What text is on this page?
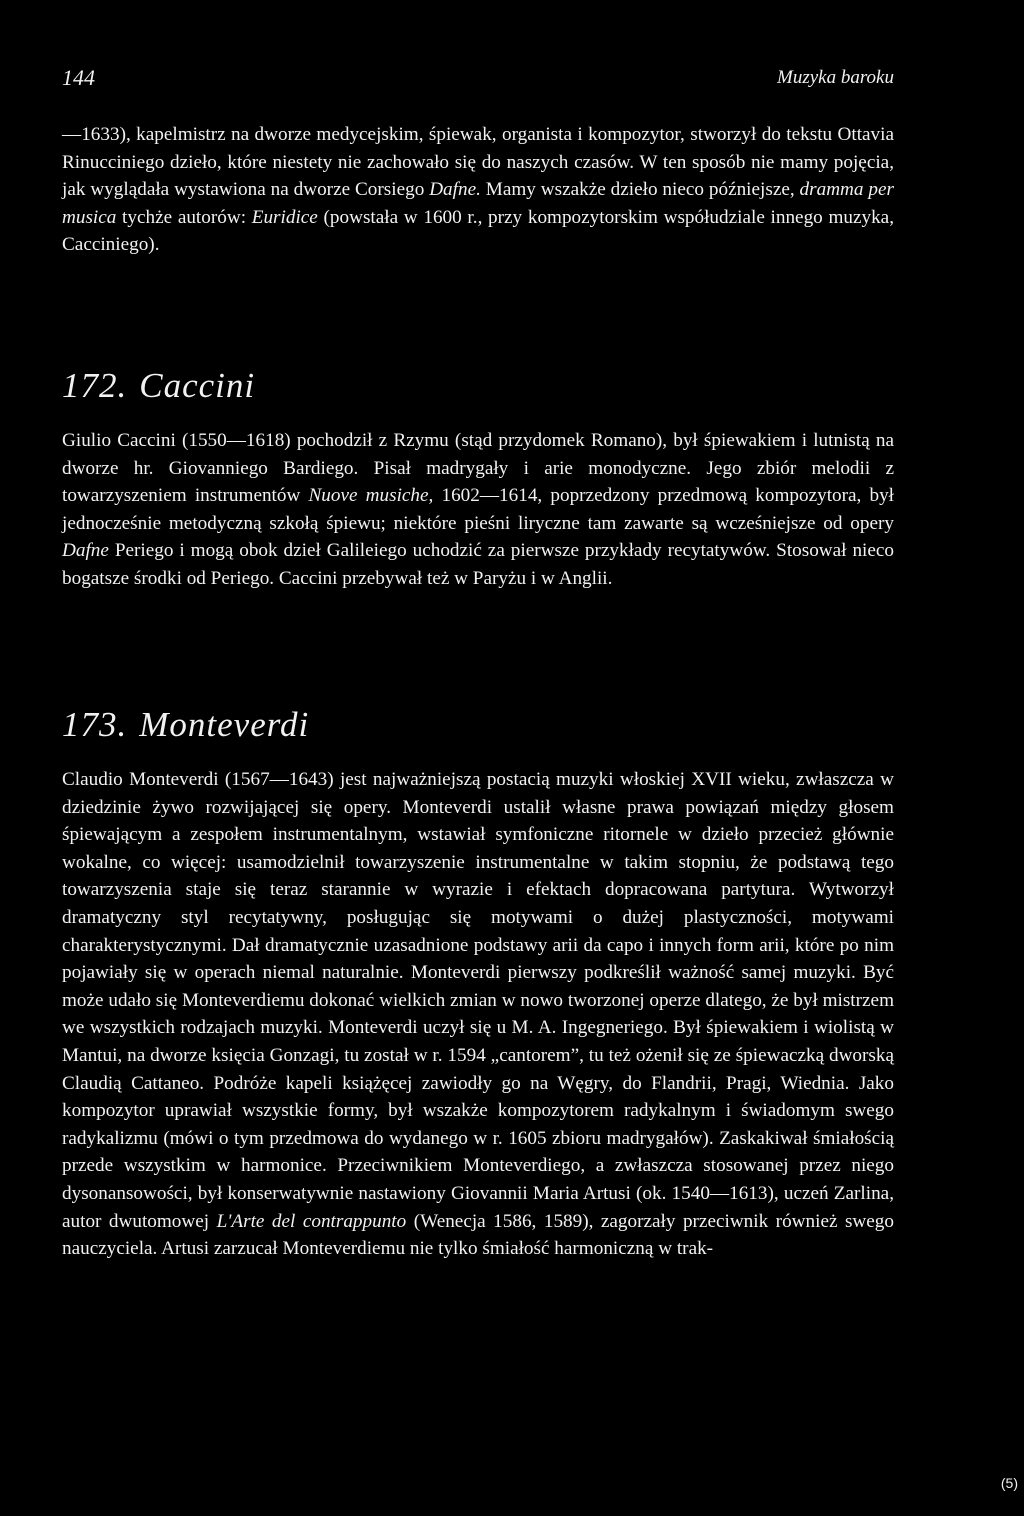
144	Muzyka baroku

—1633), kapelmistrz na dworze medycejskim, śpiewak, organista i kompozytor, stworzył do tekstu Ottavia Rinucciniego dzieło, które niestety nie zachowało się do naszych czasów. W ten sposób nie mamy pojęcia, jak wyglądała wystawiona na dworze Corsiego Dafne. Mamy wszakże dzieło nieco późniejsze, dramma per musica tychże autorów: Euridice (powstała w 1600 r., przy kompozytorskim współudziale innego muzyka, Cacciniego).

172. Caccini

Giulio Caccini (1550—1618) pochodził z Rzymu (stąd przydomek Romano), był śpiewakiem i lutnistą na dworze hr. Giovanniego Bardiego. Pisał madrygały i arie monodyczne. Jego zbiór melodii z towarzyszeniem instrumentów Nuove musiche, 1602—1614, poprzedzony przedmową kompozytora, był jednocześnie metodyczną szkołą śpiewu; niektóre pieśni liryczne tam zawarte są wcześniejsze od opery Dafne Periego i mogą obok dzieł Galileiego uchodzić za pierwsze przykłady recytatywów. Stosował nieco bogatsze środki od Periego. Caccini przebywał też w Paryżu i w Anglii.

173. Monteverdi

Claudio Monteverdi (1567—1643) jest najważniejszą postacią muzyki włoskiej XVII wieku, zwłaszcza w dziedzinie żywo rozwijającej się opery. Monteverdi ustalił własne prawa powiązań między głosem śpiewającym a zespołem instrumentalnym, wstawiał symfoniczne ritornele w dzieło przecież głównie wokalne, co więcej: usamodzielnił towarzyszenie instrumentalne w takim stopniu, że podstawą tego towarzyszenia staje się teraz starannie w wyrazie i efektach dopracowana partytura. Wytworzył dramatyczny styl recytatywny, posługując się motywami o dużej plastyczności, motywami charakterystycznymi. Dał dramatycznie uzasadnione podstawy arii da capo i innych form arii, które po nim pojawiały się w operach niemal naturalnie. Monteverdi pierwszy podkreślił ważność samej muzyki. Być może udało się Monteverdiemu dokonać wielkich zmian w nowo tworzonej operze dlatego, że był mistrzem we wszystkich rodzajach muzyki. Monteverdi uczył się u M. A. Ingegneriego. Był śpiewakiem i wiolistą w Mantui, na dworze księcia Gonzagi, tu został w r. 1594 „cantorem”, tu też ożenił się ze śpiewaczką dworską Claudią Cattaneo. Podróże kapeli książęcej zawiodły go na Węgry, do Flandrii, Pragi, Wiednia. Jako kompozytor uprawiał wszystkie formy, był wszakże kompozytorem radykalnym i świadomym swego radykalizmu (mówi o tym przedmowa do wydanego w r. 1605 zbioru madrygałów). Zaskakiwał śmiałością przede wszystkim w harmonice. Przeciwnikiem Monteverdiego, a zwłaszcza stosowanej przez niego dysonansowości, był konserwatywnie nastawiony Giovannii Maria Artusi (ok. 1540—1613), uczeń Zarlina, autor dwutomowej L'Arte del contrappunto (Wenecja 1586, 1589), zagorzały przeciwnik również swego nauczyciela. Artusi zarzucał Monteverdiemu nie tylko śmiałość harmoniczną w trak-

(5)
